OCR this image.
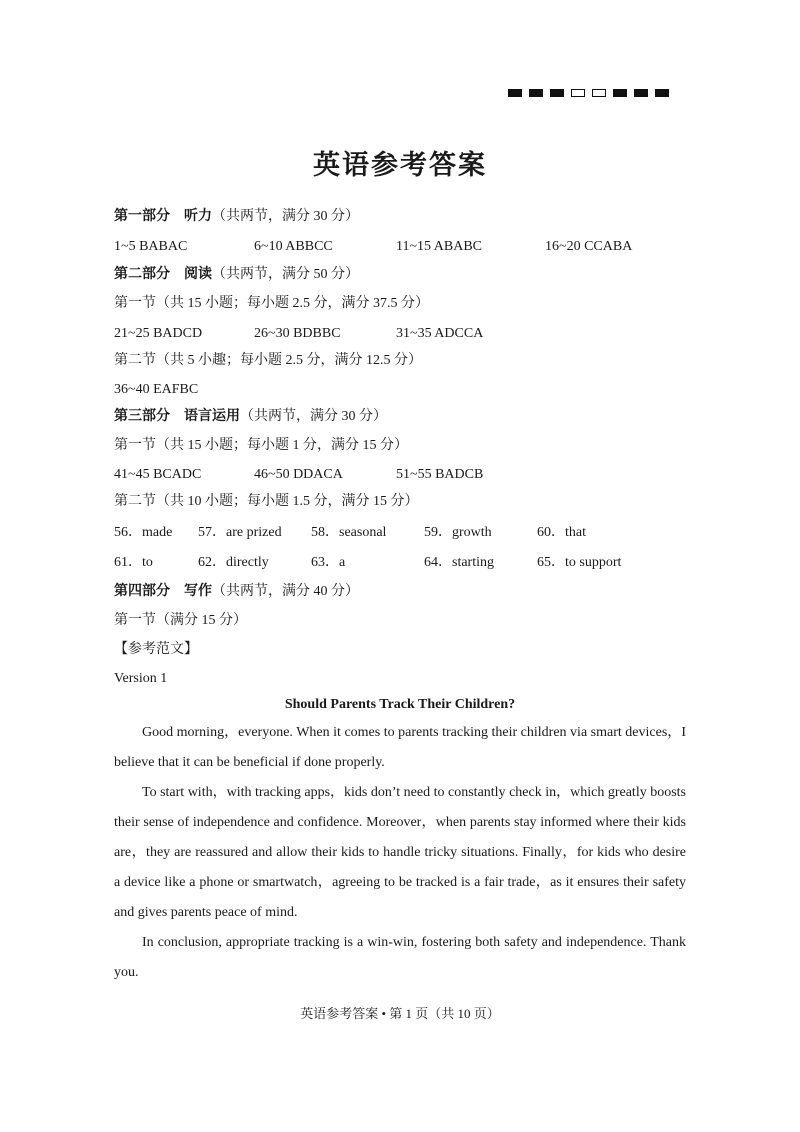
英语参考答案
第一部分　听力（共两节，满分 30 分）
1~5 BABAC	6~10 ABBCC	11~15 ABABC	16~20 CCABA
第二部分　阅读（共两节，满分 50 分）
第一节（共 15 小题；每小题 2.5 分，满分 37.5 分）
21~25 BADCD	26~30 BDBBC	31~35 ADCCA
第二节（共 5 小趣；每小题 2.5 分，满分 12.5 分）
36~40 EAFBC
第三部分　语言运用（共两节，满分 30 分）
第一节（共 15 小题；每小题 1 分，满分 15 分）
41~45 BCADC	46~50 DDACA	51~55 BADCB
第二节（共 10 小题；每小题 1.5 分，满分 15 分）
56．made 57．are prized 58．seasonal	59．growth	60．that
61．to	62．directly	63．a	64．starting	65．to support
第四部分　写作（共两节，满分 40 分）
第一节（满分 15 分）
【参考范文】
Version 1
Should Parents Track Their Children?
Good morning，everyone. When it comes to parents tracking their children via smart devices，I believe that it can be beneficial if done properly.
To start with，with tracking apps，kids don’t need to constantly check in，which greatly boosts their sense of independence and confidence. Moreover，when parents stay informed where their kids are，they are reassured and allow their kids to handle tricky situations. Finally，for kids who desire a device like a phone or smartwatch，agreeing to be tracked is a fair trade，as it ensures their safety and gives parents peace of mind.
In conclusion, appropriate tracking is a win-win, fostering both safety and independence. Thank you.
英语参考答案 • 第 1 页（共 10 页）
